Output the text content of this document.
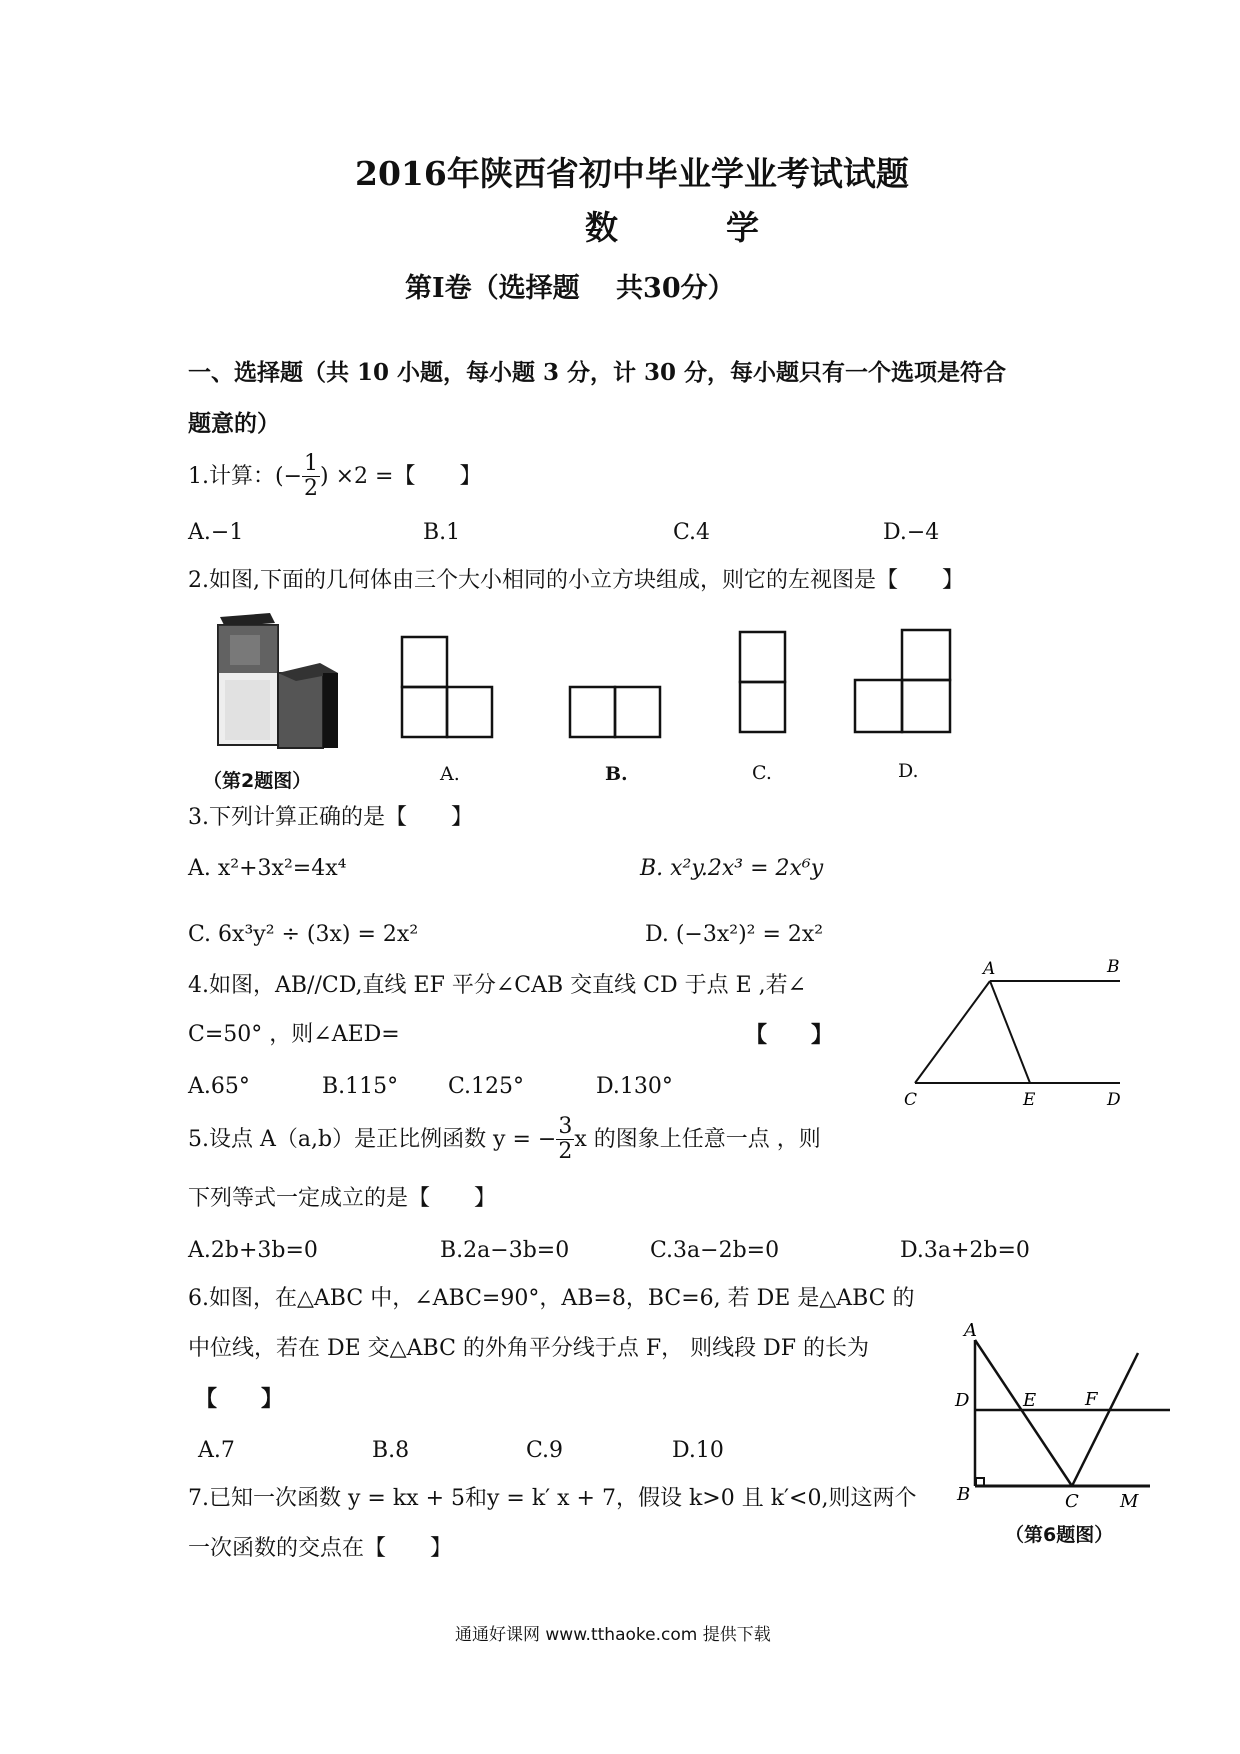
2016年陕西省初中毕业学业考试试题
数	学
第Ⅰ卷（选择题　 共30分）
一、选择题（共 10 小题，每小题 3 分，计 30 分，每小题只有一个选项是符合
题意的）
1.计算：(− $\frac{1}{2}$ ) ×2 =【　　】
A.−1	B.1	C.4	D.−4
2.如图,下面的几何体由三个大小相同的小立方块组成，则它的左视图是【　　】
（第2题图）	A.	B.	C.	D.
3.下列计算正确的是【　　】
A. x²+3x²=4x⁴	B. x²y.2x³ = 2x⁶y
C. 6x³y² ÷ (3x) = 2x²	D. (−3x²)² = 2x²
4.如图，AB//CD,直线 EF 平分∠CAB 交直线 CD 于点 E ,若∠
C=50° ，则∠AED=	【　　】
A.65°	B.115° C.125°	D.130°
A	B
C	E	D
5.设点 A（a,b）是正比例函数 y = − $\frac{3}{2}$ x 的图象上任意一点 ，则
下列等式一定成立的是【　　】
A.2b+3b=0	B.2a−3b=0	C.3a−2b=0	D.3a+2b=0
6.如图，在△ABC 中，∠ABC=90°，AB=8，BC=6, 若 DE 是△ABC 的
中位线，若在 DE 交△ABC 的外角平分线于点 F， 则线段 DF 的长为
【　　】
A.7	B.8	C.9	D.10
A
D	E	F
B	C M
（第6题图）
7.已知一次函数 y = kx + 5和y = k′ x + 7，假设 k>0 且 k′<0,则这两个
一次函数的交点在【　　】
通通好课网 www.tthaoke.com 提供下载
